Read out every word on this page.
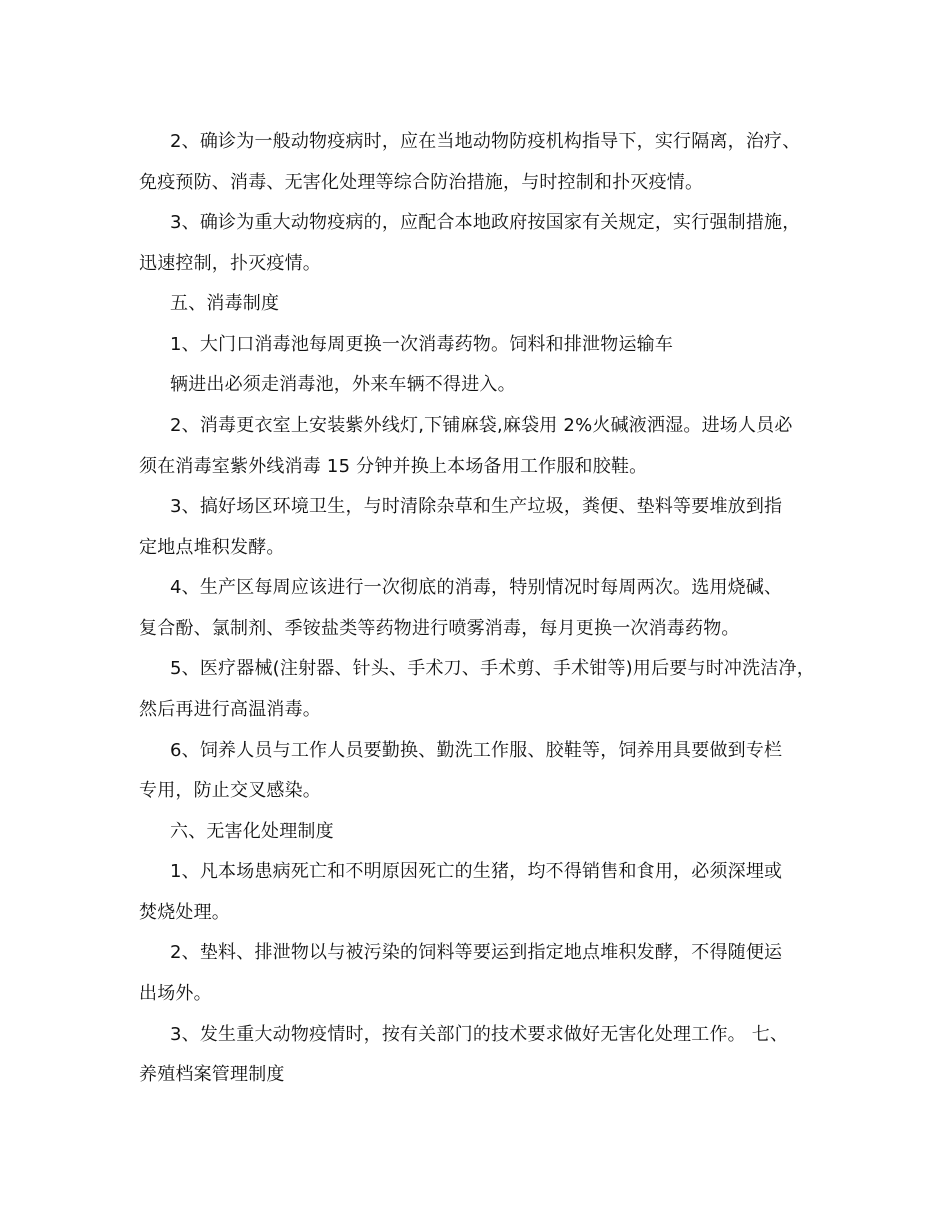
2、确诊为一般动物疫病时，应在当地动物防疫机构指导下，实行隔离，治疗、
免疫预防、消毒、无害化处理等综合防治措施，与时控制和扑灭疫情。
3、确诊为重大动物疫病的，应配合本地政府按国家有关规定，实行强制措施，
迅速控制，扑灭疫情。
五、消毒制度
1、大门口消毒池每周更换一次消毒药物。饲料和排泄物运输车
辆进出必须走消毒池，外来车辆不得进入。
2、消毒更衣室上安装紫外线灯,下铺麻袋,麻袋用 2%火碱液洒湿。进场人员必
须在消毒室紫外线消毒 15 分钟并换上本场备用工作服和胶鞋。
3、搞好场区环境卫生，与时清除杂草和生产垃圾，粪便、垫料等要堆放到指
定地点堆积发酵。
4、生产区每周应该进行一次彻底的消毒，特别情况时每周两次。选用烧碱、
复合酚、氯制剂、季铵盐类等药物进行喷雾消毒，每月更换一次消毒药物。
5、医疗器械(注射器、针头、手术刀、手术剪、手术钳等)用后要与时冲洗洁净，
然后再进行高温消毒。
6、饲养人员与工作人员要勤换、勤洗工作服、胶鞋等，饲养用具要做到专栏
专用，防止交叉感染。
六、无害化处理制度
1、凡本场患病死亡和不明原因死亡的生猪，均不得销售和食用，必须深埋或
焚烧处理。
2、垫料、排泄物以与被污染的饲料等要运到指定地点堆积发酵，不得随便运
出场外。
3、发生重大动物疫情时，按有关部门的技术要求做好无害化处理工作。 七、
养殖档案管理制度
